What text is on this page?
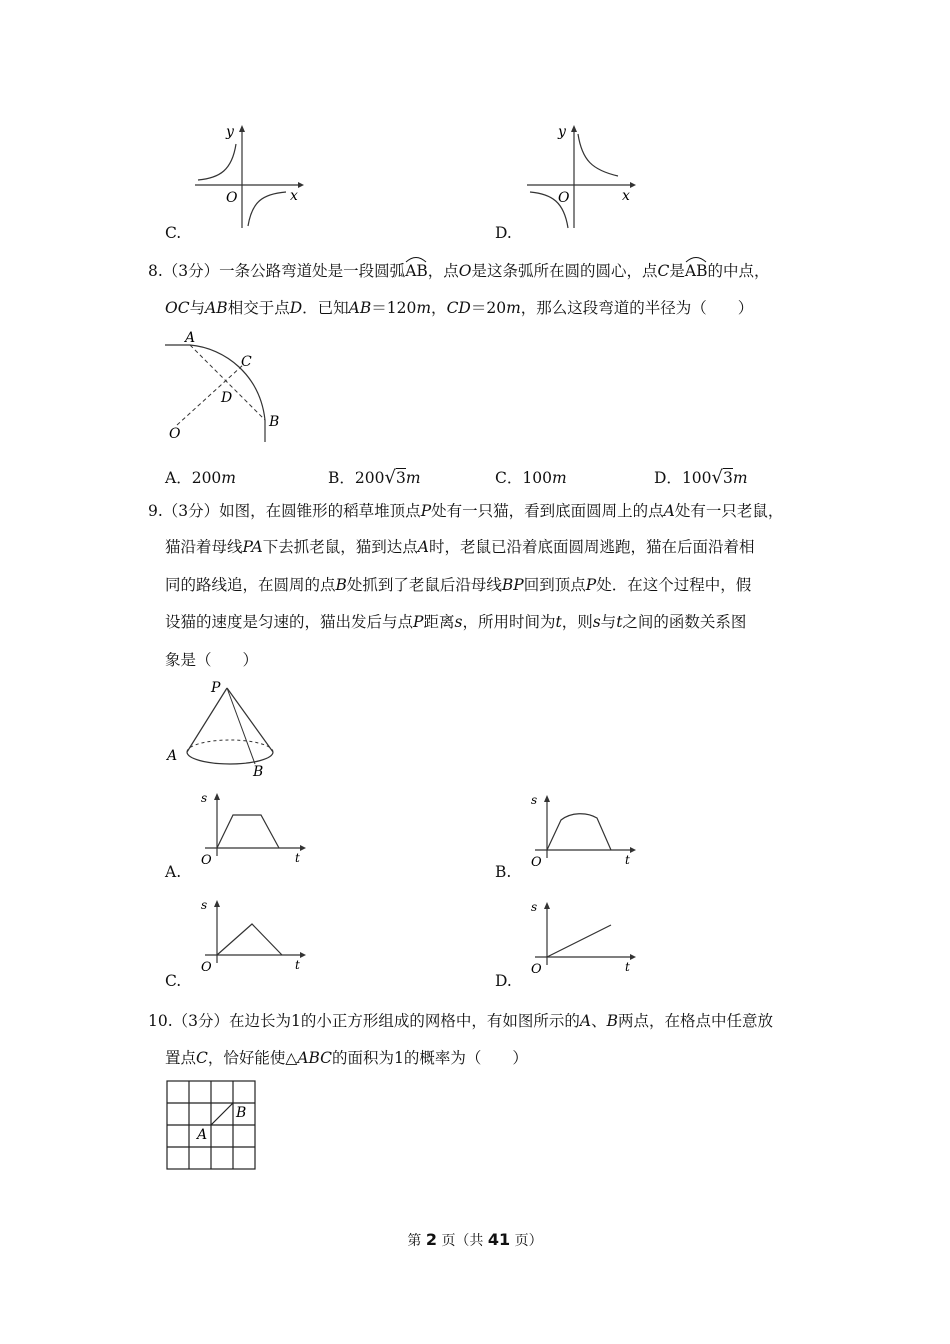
y
x
O
C.
y
x
O
D.
8.（3分）一条公路弯道处是一段圆弧
AB，点O是这条弧所在圆的圆心，点C是
AB的中点，
OC与AB相交于点D．已知AB＝120m，CD＝20m，那么这段弯道的半径为（　　）
A
C
D
B
O
A．200m	B．200√3m	C．100m	D．100√3m
9.（3分）如图，在圆锥形的稻草堆顶点P处有一只猫，看到底面圆周上的点A处有一只老鼠，
猫沿着母线PA下去抓老鼠，猫到达点A时，老鼠已沿着底面圆周逃跑，猫在后面沿着相
同的路线追，在圆周的点B处抓到了老鼠后沿母线BP回到顶点P处．在这个过程中，假
设猫的速度是匀速的，猫出发后与点P距离s，所用时间为t，则s与t之间的函数关系图
象是（　　）
P
A
B
s
t
O
A.
s
t
O
B.
s
t
O
C.
s
t
O
D.
10.（3分）在边长为1的小正方形组成的网格中，有如图所示的A、B两点，在格点中任意放
置点C，恰好能使△ABC的面积为1的概率为（　　）
A
B
第 2 页（共 41 页）
